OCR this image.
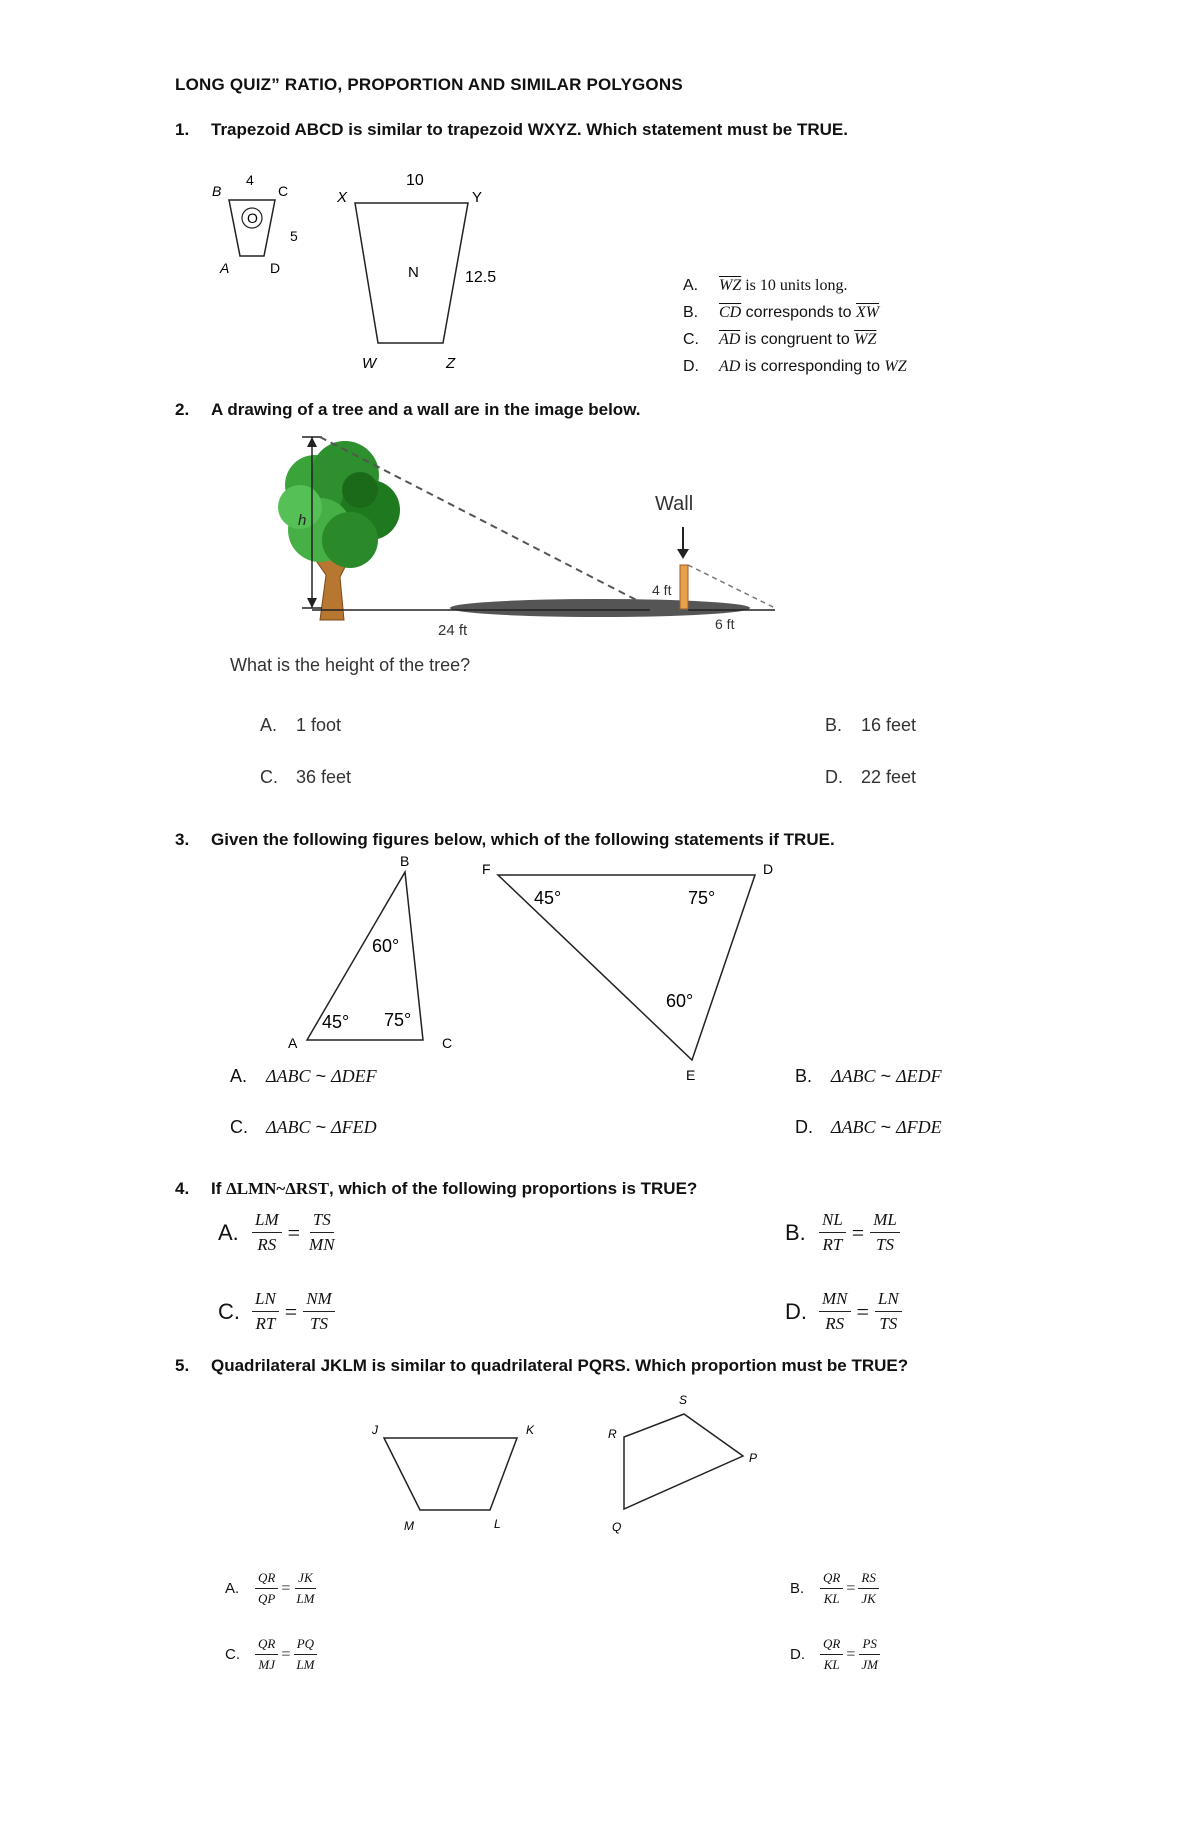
LONG QUIZ” RATIO, PROPORTION AND SIMILAR POLYGONS
1. Trapezoid ABCD is similar to trapezoid WXYZ. Which statement must be TRUE.
O
B	C
A	D
4
5
X	Y
W	Z
10
N	12.5	A. $\overline{WZ}$ is 10 units long.
B. $\overline{CD}$ corresponds to $\overline{XW}$
C. $\overline{AD}$ is congruent to $\overline{WZ}$
D. AD is corresponding to WZ
2. A drawing of a tree and a wall are in the image below.
h
24 ft
Wall
4 ft
6 ft
What is the height of the tree?
A. 1 foot	B. 16 feet
C. 36 feet	D. 22 feet
3. Given the following figures below, which of the following statements if TRUE.
B
A	C
60°
45° 75°
F	D
E
45°	75°
60°
A. ΔABC ~ ΔDEF	B. ΔABC ~ ΔEDF
C. ΔABC ~ ΔFED	D. ΔABC ~ ΔFDE
4. If ΔLMN~ΔRST, which of the following proportions is TRUE?
A. $\frac{LM}{RS} = \frac{TS}{MN}$	B. $\frac{NL}{RT} = \frac{ML}{TS}$
C. $\frac{LN}{RT} = \frac{NM}{TS}$	D. $\frac{MN}{RS} = \frac{LN}{TS}$
5. Quadrilateral JKLM is similar to quadrilateral PQRS. Which proportion must be TRUE?
J	K
L
M
S
R
P
Q
A. $\frac{QR}{QP} = \frac{JK}{LM}$	B. $\frac{QR}{KL} = \frac{RS}{JK}$
C. $\frac{QR}{MJ} = \frac{PQ}{LM}$	D. $\frac{QR}{KL} = \frac{PS}{JM}$
